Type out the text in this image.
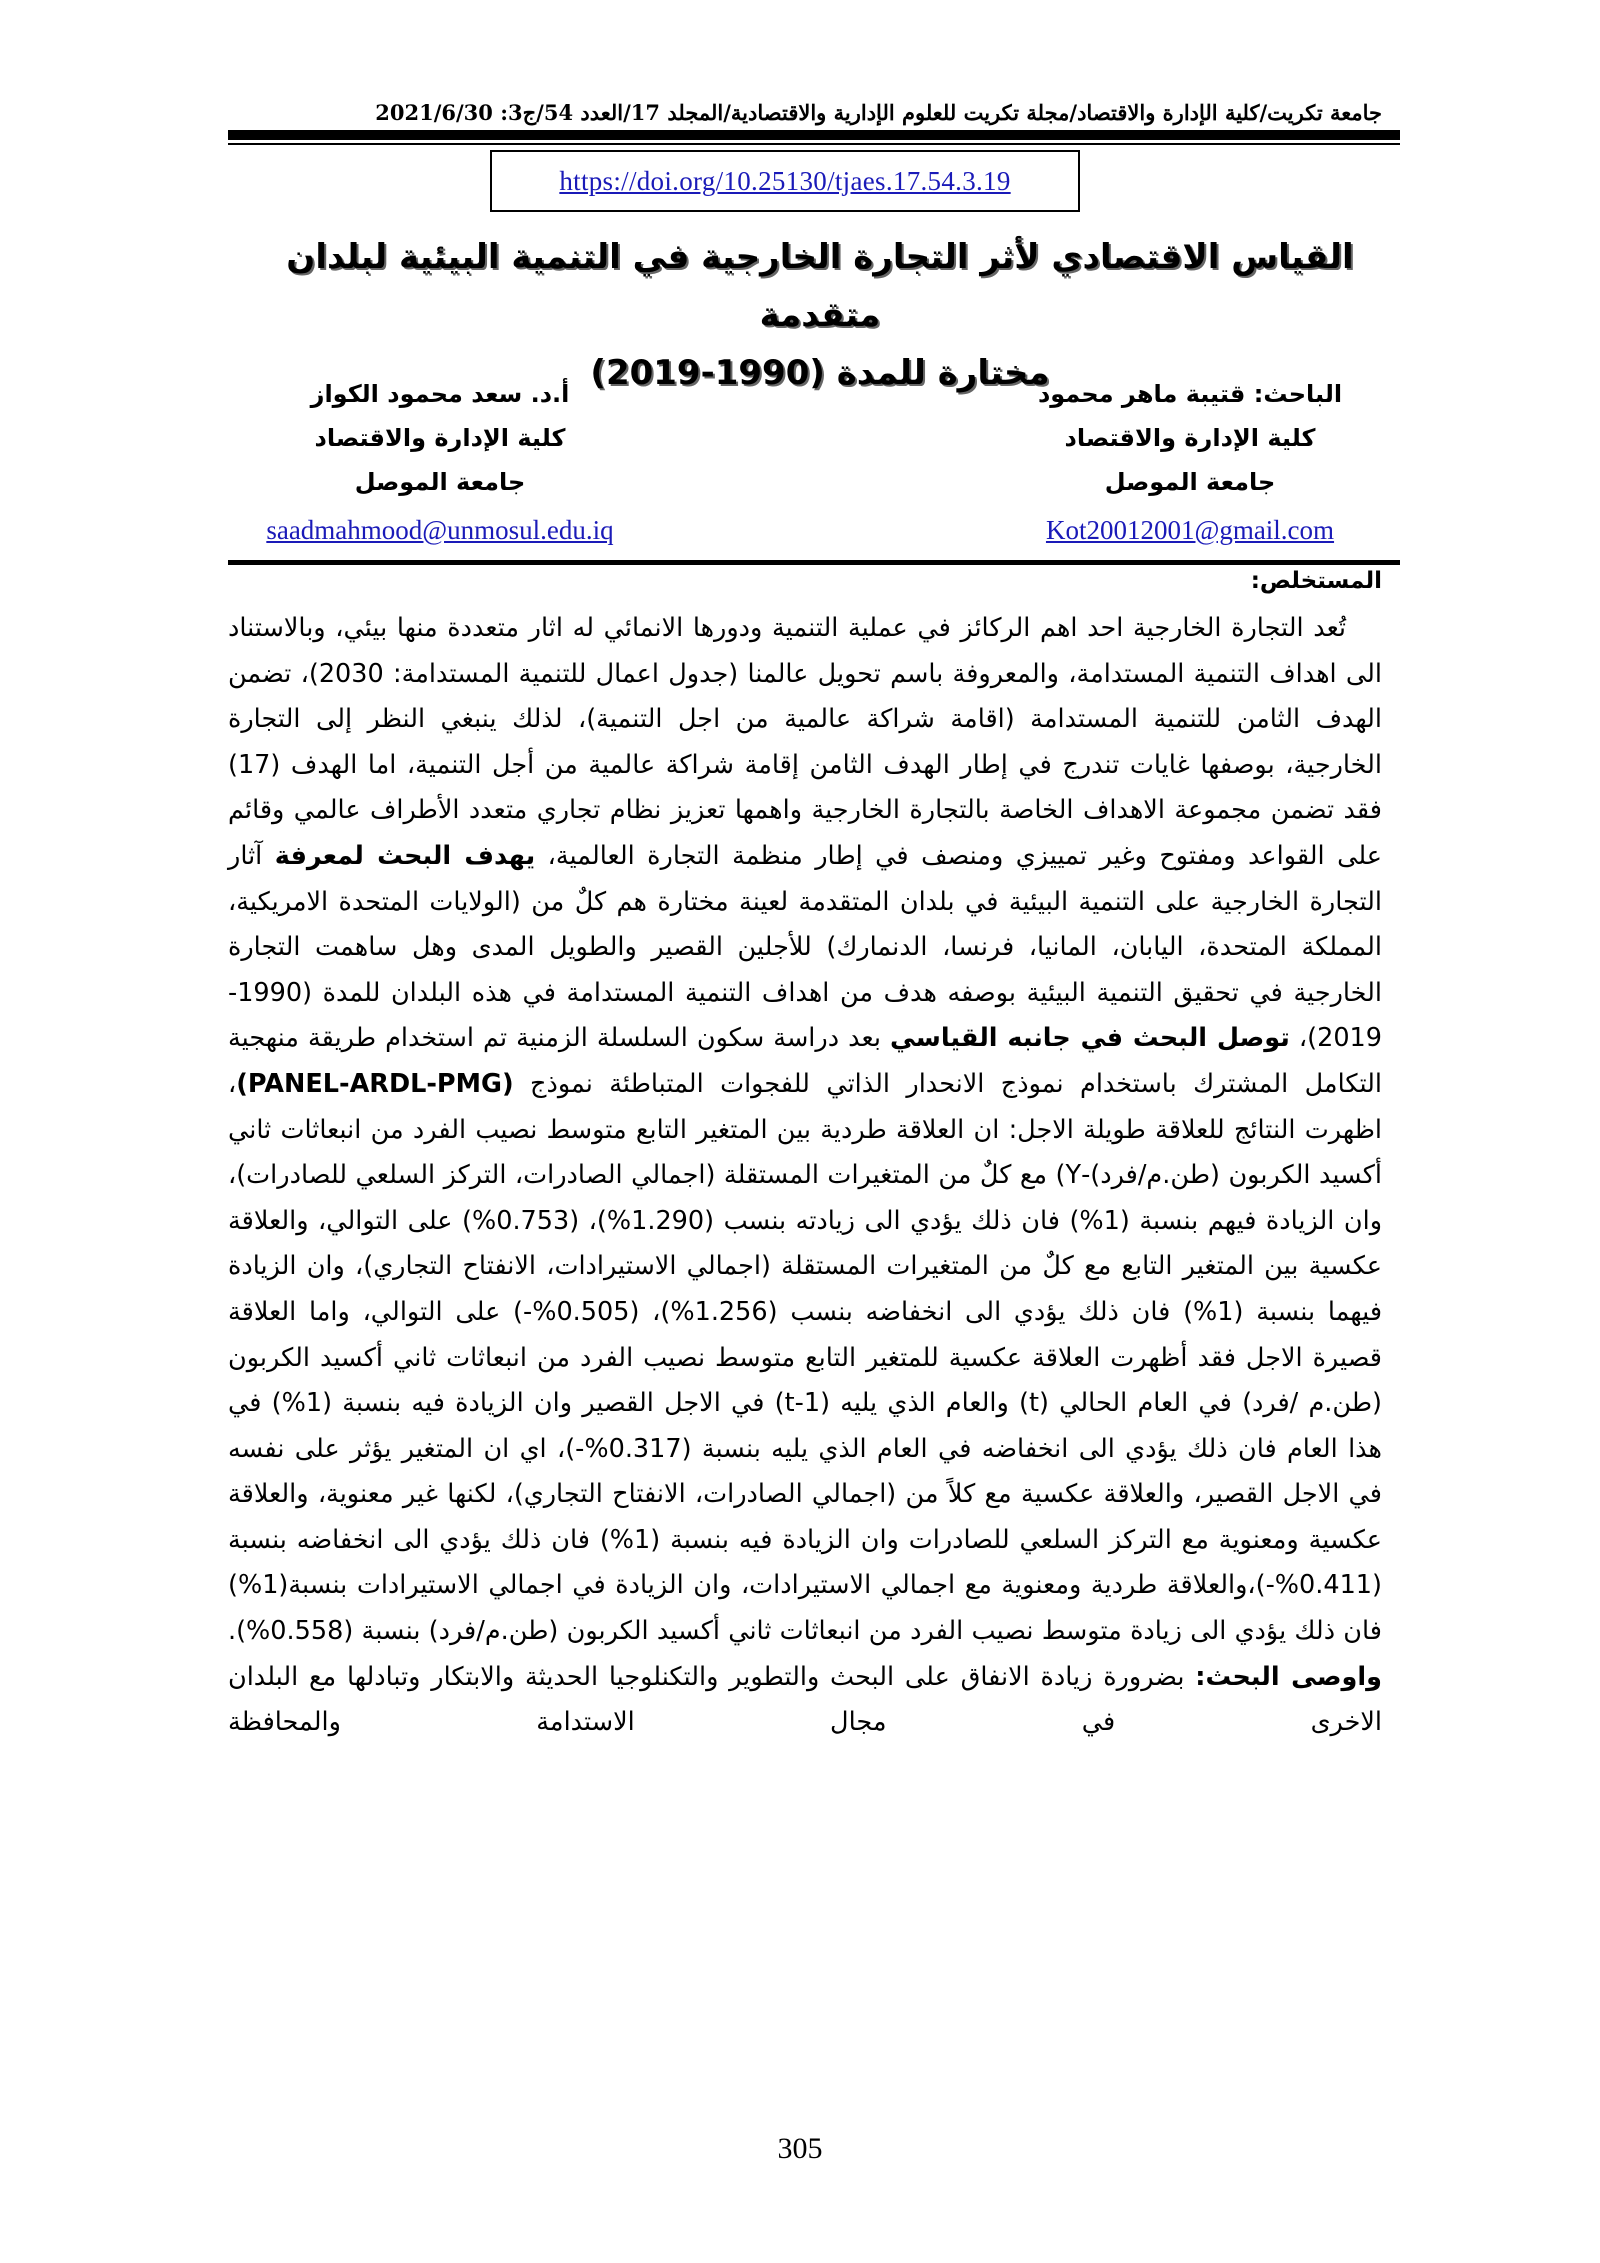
جامعة تكريت/كلية الإدارة والاقتصاد/مجلة تكريت للعلوم الإدارية والاقتصادية/المجلد 17/العدد 54/ج3: 2021/6/30
https://doi.org/10.25130/tjaes.17.54.3.19
القياس الاقتصادي لأثر التجارة الخارجية في التنمية البيئية لبلدان متقدمة
مختارة للمدة (1990-2019)
الباحث: قتيبة ماهر محمود
كلية الإدارة والاقتصاد
جامعة الموصل
Kot20012001@gmail.com
أ.د. سعد محمود الكواز
كلية الإدارة والاقتصاد
جامعة الموصل
saadmahmood@unmosul.edu.iq
المستخلص:

تُعد التجارة الخارجية احد اهم الركائز في عملية التنمية ودورها الانمائي له اثار متعددة منها بيئي، وبالاستناد الى اهداف التنمية المستدامة، والمعروفة باسم تحويل عالمنا (جدول اعمال للتنمية المستدامة: 2030)، تضمن الهدف الثامن للتنمية المستدامة (اقامة شراكة عالمية من اجل التنمية)، لذلك ينبغي النظر إلى التجارة الخارجية، بوصفها غايات تندرج في إطار الهدف الثامن إقامة شراكة عالمية من أجل التنمية، اما الهدف (17) فقد تضمن مجموعة الاهداف الخاصة بالتجارة الخارجية واهمها تعزيز نظام تجاري متعدد الأطراف عالمي وقائم على القواعد ومفتوح وغير تمييزي ومنصف في إطار منظمة التجارة العالمية، يهدف البحث لمعرفة آثار التجارة الخارجية على التنمية البيئية في بلدان المتقدمة لعينة مختارة هم كلٌ من (الولايات المتحدة الامريكية، المملكة المتحدة، اليابان، المانيا، فرنسا، الدنمارك) للأجلين القصير والطويل المدى وهل ساهمت التجارة الخارجية في تحقيق التنمية البيئية بوصفه هدف من اهداف التنمية المستدامة في هذه البلدان للمدة (1990-2019)، توصل البحث في جانبه القياسي بعد دراسة سكون السلسلة الزمنية تم استخدام طريقة منهجية التكامل المشترك باستخدام نموذج الانحدار الذاتي للفجوات المتباطئة نموذج (PANEL-ARDL-PMG)، اظهرت النتائج للعلاقة طويلة الاجل: ان العلاقة طردية بين المتغير التابع متوسط نصيب الفرد من انبعاثات ثاني أكسيد الكربون (طن.م/فرد)-Y) مع كلٌ من المتغيرات المستقلة (اجمالي الصادرات، التركز السلعي للصادرات)، وان الزيادة فيهم بنسبة (1%) فان ذلك يؤدي الى زيادته بنسب (1.290%)، (0.753%) على التوالي، والعلاقة عكسية بين المتغير التابع مع كلٌ من المتغيرات المستقلة (اجمالي الاستيرادات، الانفتاح التجاري)، وان الزيادة فيهما بنسبة (1%) فان ذلك يؤدي الى انخفاضه بنسب (1.256%)، (0.505%-) على التوالي، واما العلاقة قصيرة الاجل فقد أظهرت العلاقة عكسية للمتغير التابع متوسط نصيب الفرد من انبعاثات ثاني أكسيد الكربون (طن.م /فرد) في العام الحالي (t) والعام الذي يليه (t-1) في الاجل القصير وان الزيادة فيه بنسبة (1%) في هذا العام فان ذلك يؤدي الى انخفاضه في العام الذي يليه بنسبة (0.317%-)، اي ان المتغير يؤثر على نفسه في الاجل القصير، والعلاقة عكسية مع كلاً من (اجمالي الصادرات، الانفتاح التجاري)، لكنها غير معنوية، والعلاقة عكسية ومعنوية مع التركز السلعي للصادرات وان الزيادة فيه بنسبة (1%) فان ذلك يؤدي الى انخفاضه بنسبة (0.411%-)،والعلاقة طردية ومعنوية مع اجمالي الاستيرادات، وان الزيادة في اجمالي الاستيرادات بنسبة(1%) فان ذلك يؤدي الى زيادة متوسط نصيب الفرد من انبعاثات ثاني أكسيد الكربون (طن.م/فرد) بنسبة (0.558%). واوصى البحث: بضرورة زيادة الانفاق على البحث والتطوير والتكنلوجيا الحديثة والابتكار وتبادلها مع البلدان الاخرى في مجال الاستدامة والمحافظة

305
